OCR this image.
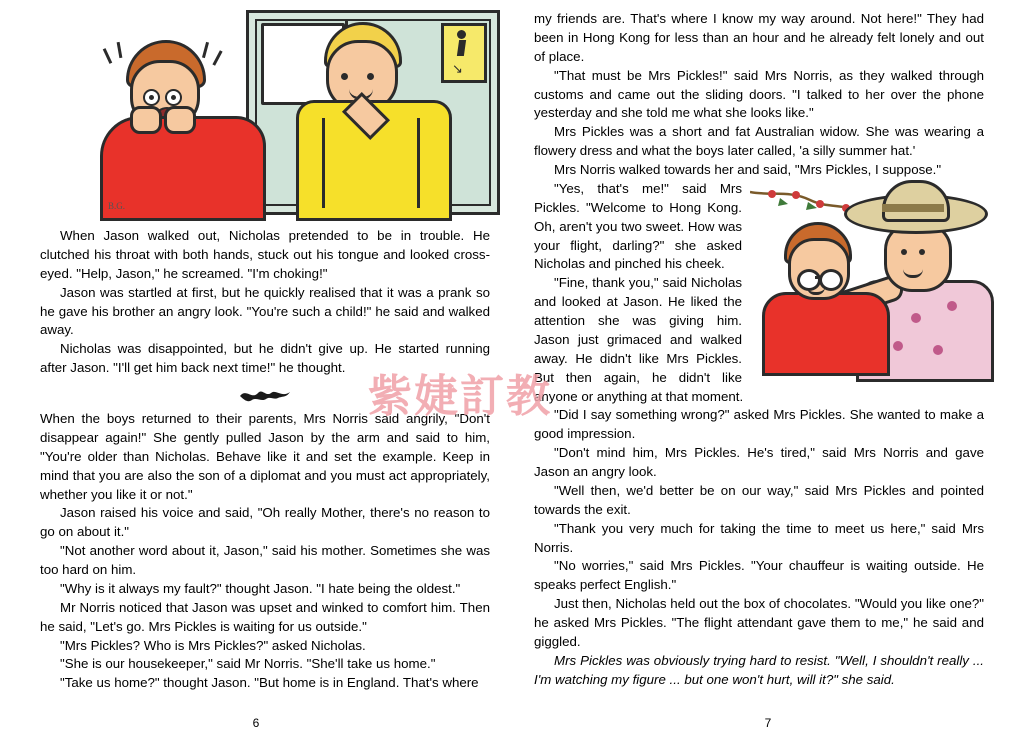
↘
B.G.

When Jason walked out, Nicholas pretended to be in trouble. He clutched his throat with both hands, stuck out his tongue and looked cross-eyed. "Help, Jason," he screamed. "I'm choking!"

Jason was startled at first, but he quickly realised that it was a prank so he gave his brother an angry look. "You're such a child!" he said and walked away.

Nicholas was disappointed, but he didn't give up. He started running after Jason. "I'll get him back next time!" he thought.

When the boys returned to their parents, Mrs Norris said angrily, "Don't disappear again!" She gently pulled Jason by the arm and said to him, "You're older than Nicholas. Behave like it and set the example. Keep in mind that you are also the son of a diplomat and you must act appropriately, whether you like it or not."

Jason raised his voice and said, "Oh really Mother, there's no reason to go on about it."

"Not another word about it, Jason," said his mother. Sometimes she was too hard on him.

"Why is it always my fault?" thought Jason. "I hate being the oldest."

Mr Norris noticed that Jason was upset and winked to comfort him. Then he said, "Let's go. Mrs Pickles is waiting for us outside."

"Mrs Pickles? Who is Mrs Pickles?" asked Nicholas.

"She is our housekeeper," said Mr Norris. "She'll take us home."

"Take us home?" thought Jason. "But home is in England. That's where

my friends are. That's where I know my way around. Not here!" They had been in Hong Kong for less than an hour and he already felt lonely and out of place.

"That must be Mrs Pickles!" said Mrs Norris, as they walked through customs and came out the sliding doors. "I talked to her over the phone yesterday and she told me what she looks like."

Mrs Pickles was a short and fat Australian widow. She was wearing a flowery dress and what the boys later called, 'a silly summer hat.'

Mrs Norris walked towards her and said, "Mrs Pickles, I suppose."

"Yes, that's me!" said Mrs Pickles. "Welcome to Hong Kong. Oh, aren't you two sweet. How was your flight, darling?" she asked Nicholas and pinched his cheek.

"Fine, thank you," said Nicholas and looked at Jason. He liked the attention she was giving him. Jason just grimaced and walked away. He didn't like Mrs Pickles. But then again, he didn't like anyone or anything at that moment.

"Did I say something wrong?" asked Mrs Pickles. She wanted to make a good impression.

"Don't mind him, Mrs Pickles. He's tired," said Mrs Norris and gave Jason an angry look.

"Well then, we'd better be on our way," said Mrs Pickles and pointed towards the exit.

"Thank you very much for taking the time to meet us here," said Mrs Norris.

"No worries," said Mrs Pickles. "Your chauffeur is waiting outside. He speaks perfect English."

Just then, Nicholas held out the box of chocolates. "Would you like one?" he asked Mrs Pickles. "The flight attendant gave them to me," he said and giggled.

Mrs Pickles was obviously trying hard to resist. "Well, I shouldn't really ... I'm watching my figure ... but one won't hurt, will it?" she said.

紫婕訂教
6	7
